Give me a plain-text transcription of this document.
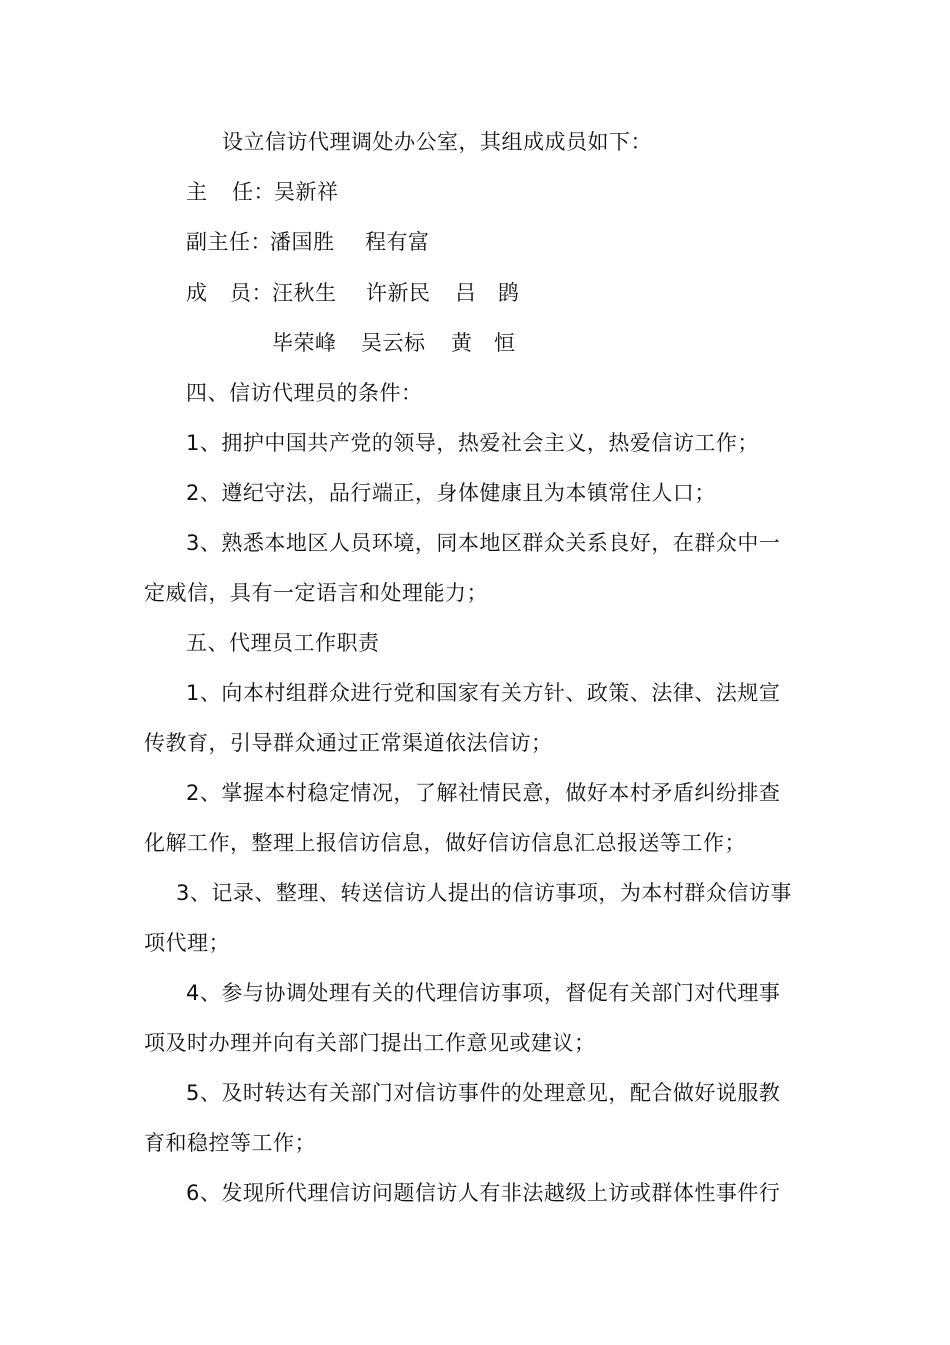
设立信访代理调处办公室，其组成成员如下：
主 任： 吴新祥
副主任：
潘国胜 程有富
成 员： 汪秋生 许新民 吕 鹍
毕荣峰 吴云标 黄 恒
四、信访代理员的条件：
1、拥护中国共产党的领导，热爱社会主义，热爱信访工作；
2、遵纪守法，品行端正，身体健康且为本镇常住人口；
3、熟悉本地区人员环境，同本地区群众关系良好，在群众中一
定威信，具有一定语言和处理能力；
五、代理员工作职责
1、向本村组群众进行党和国家有关方针、政策、法律、法规宣
传教育，引导群众通过正常渠道依法信访；
2、掌握本村稳定情况，了解社情民意，做好本村矛盾纠纷排查
化解工作，整理上报信访信息，做好信访信息汇总报送等工作；
3、记录、整理、转送信访人提出的信访事项，为本村群众信访事
项代理；
4、参与协调处理有关的代理信访事项，督促有关部门对代理事
项及时办理并向有关部门提出工作意见或建议；
5、及时转达有关部门对信访事件的处理意见，配合做好说服教
育和稳控等工作；
6、发现所代理信访问题信访人有非法越级上访或群体性事件行
